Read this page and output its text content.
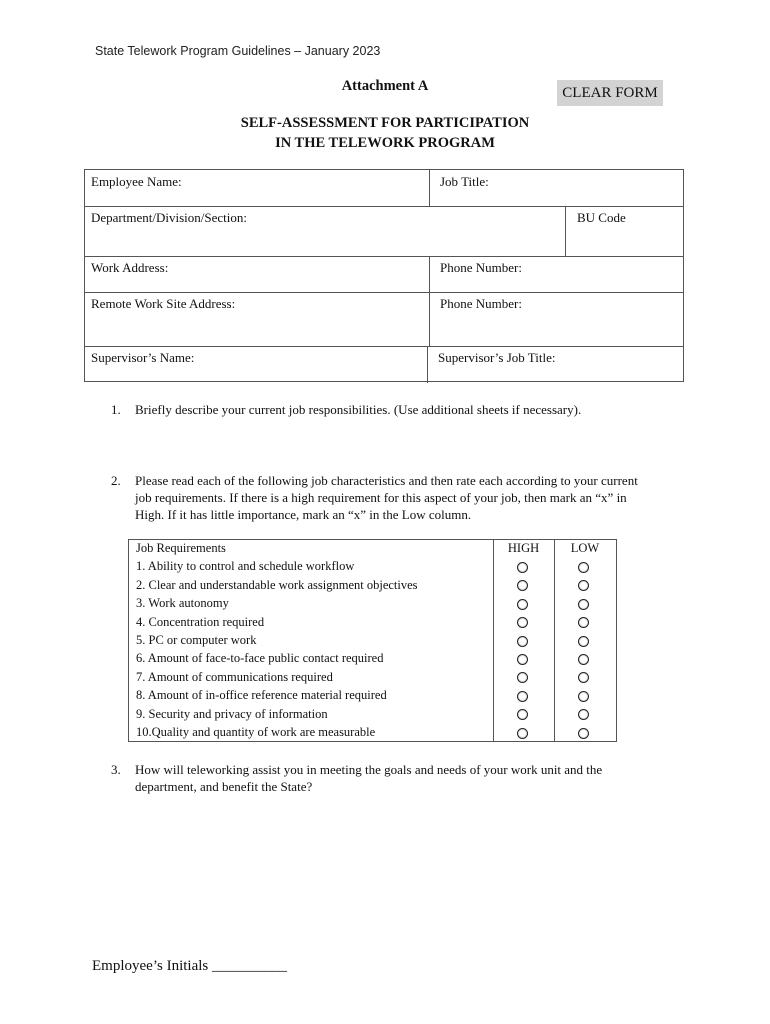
State Telework Program Guidelines – January 2023
Attachment A	CLEAR FORM
SELF-ASSESSMENT FOR PARTICIPATION
IN THE TELEWORK PROGRAM
Employee Name:	Job Title:
Department/Division/Section:	BU Code
Work Address:	Phone Number:
Remote Work Site Address:	Phone Number:
Supervisor’s Name:	Supervisor’s Job Title:
1. Briefly describe your current job responsibilities. (Use additional sheets if necessary).
2. Please read each of the following job characteristics and then rate each according to your current
job requirements. If there is a high requirement for this aspect of your job, then mark an “x” in
High. If it has little importance, mark an “x” in the Low column.
Job Requirements	HIGH	LOW
1. Ability to control and schedule workflow
2. Clear and understandable work assignment objectives
3. Work autonomy
4. Concentration required
5. PC or computer work
6. Amount of face-to-face public contact required
7. Amount of communications required
8. Amount of in-office reference material required
9. Security and privacy of information
10.Quality and quantity of work are measurable
3. How will teleworking assist you in meeting the goals and needs of your work unit and the
department, and benefit the State?
Employee’s Initials __________
